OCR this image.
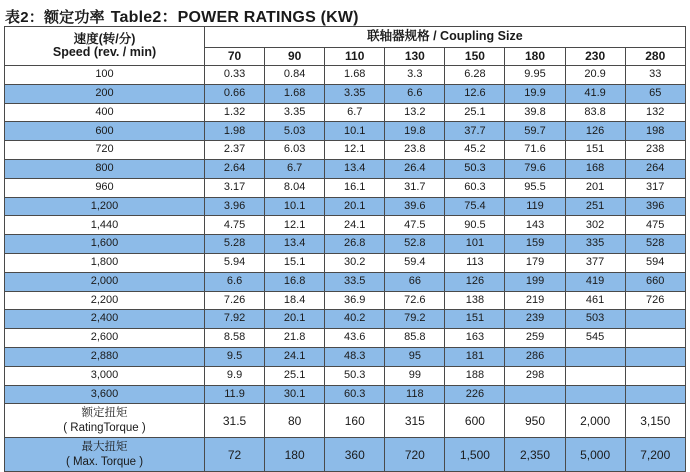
表2：额定功率 Table2：POWER RATINGS (KW)
速度(转/分)
Speed (rev. / min)	联轴器规格 / Coupling Size							
	70	90	110	130	150	180	230	280
100	0.33	0.84	1.68	3.3	6.28	9.95	20.9	33
200	0.66	1.68	3.35	6.6	12.6	19.9	41.9	65
400	1.32	3.35	6.7	13.2	25.1	39.8	83.8	132
600	1.98	5.03	10.1	19.8	37.7	59.7	126	198
720	2.37	6.03	12.1	23.8	45.2	71.6	151	238
800	2.64	6.7	13.4	26.4	50.3	79.6	168	264
960	3.17	8.04	16.1	31.7	60.3	95.5	201	317
1,200	3.96	10.1	20.1	39.6	75.4	119	251	396
1,440	4.75	12.1	24.1	47.5	90.5	143	302	475
1,600	5.28	13.4	26.8	52.8	101	159	335	528
1,800	5.94	15.1	30.2	59.4	113	179	377	594
2,000	6.6	16.8	33.5	66	126	199	419	660
2,200	7.26	18.4	36.9	72.6	138	219	461	726
2,400	7.92	20.1	40.2	79.2	151	239	503	
2,600	8.58	21.8	43.6	85.8	163	259	545	
2,880	9.5	24.1	48.3	95	181	286		
3,000	9.9	25.1	50.3	99	188	298		
3,600	11.9	30.1	60.3	118	226			

额定扭矩
( RatingTorque )	31.5	80	160	315	600	950	2,000	3,150

最大扭矩
( Max. Torque )	72	180	360	720	1,500	2,350	5,000	7,200
